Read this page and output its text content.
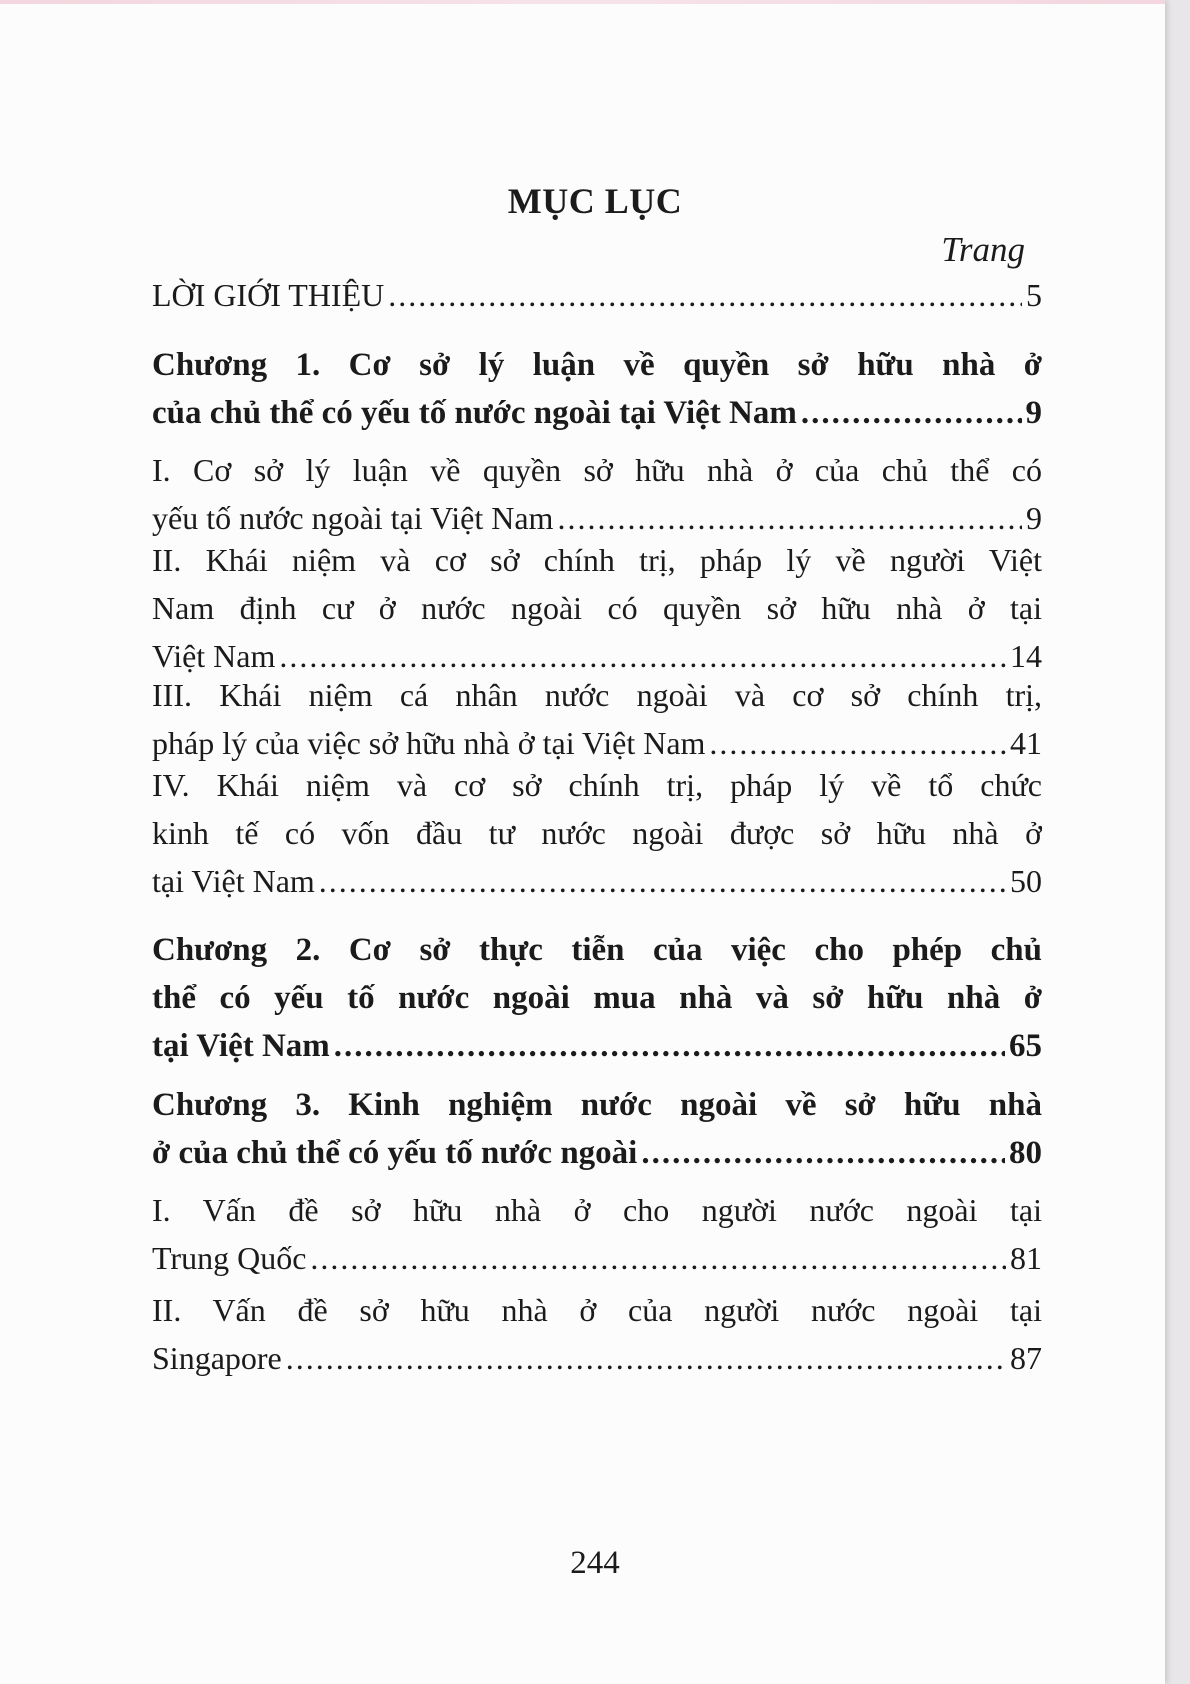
MỤC LỤC
Trang
LỜI GIỚI THIỆU .....	5
Chương 1. Cơ sở lý luận về quyền sở hữu nhà ở
của chủ thể có yếu tố nước ngoài tại Việt Nam .....	9
I. Cơ sở lý luận về quyền sở hữu nhà ở của chủ thể có
yếu tố nước ngoài tại Việt Nam .....	9
II. Khái niệm và cơ sở chính trị, pháp lý về người Việt
Nam định cư ở nước ngoài có quyền sở hữu nhà ở tại
Việt Nam .....	14
III. Khái niệm cá nhân nước ngoài và cơ sở chính trị,
pháp lý của việc sở hữu nhà ở tại Việt Nam .....	41
IV. Khái niệm và cơ sở chính trị, pháp lý về tổ chức
kinh tế có vốn đầu tư nước ngoài được sở hữu nhà ở
tại Việt Nam .....	50
Chương 2. Cơ sở thực tiễn của việc cho phép chủ
thể có yếu tố nước ngoài mua nhà và sở hữu nhà ở
tại Việt Nam .....	65
Chương 3. Kinh nghiệm nước ngoài về sở hữu nhà
ở của chủ thể có yếu tố nước ngoài .....	80
I. Vấn đề sở hữu nhà ở cho người nước ngoài tại
Trung Quốc .....	81
II. Vấn đề sở hữu nhà ở của người nước ngoài tại
Singapore .....	87
244
